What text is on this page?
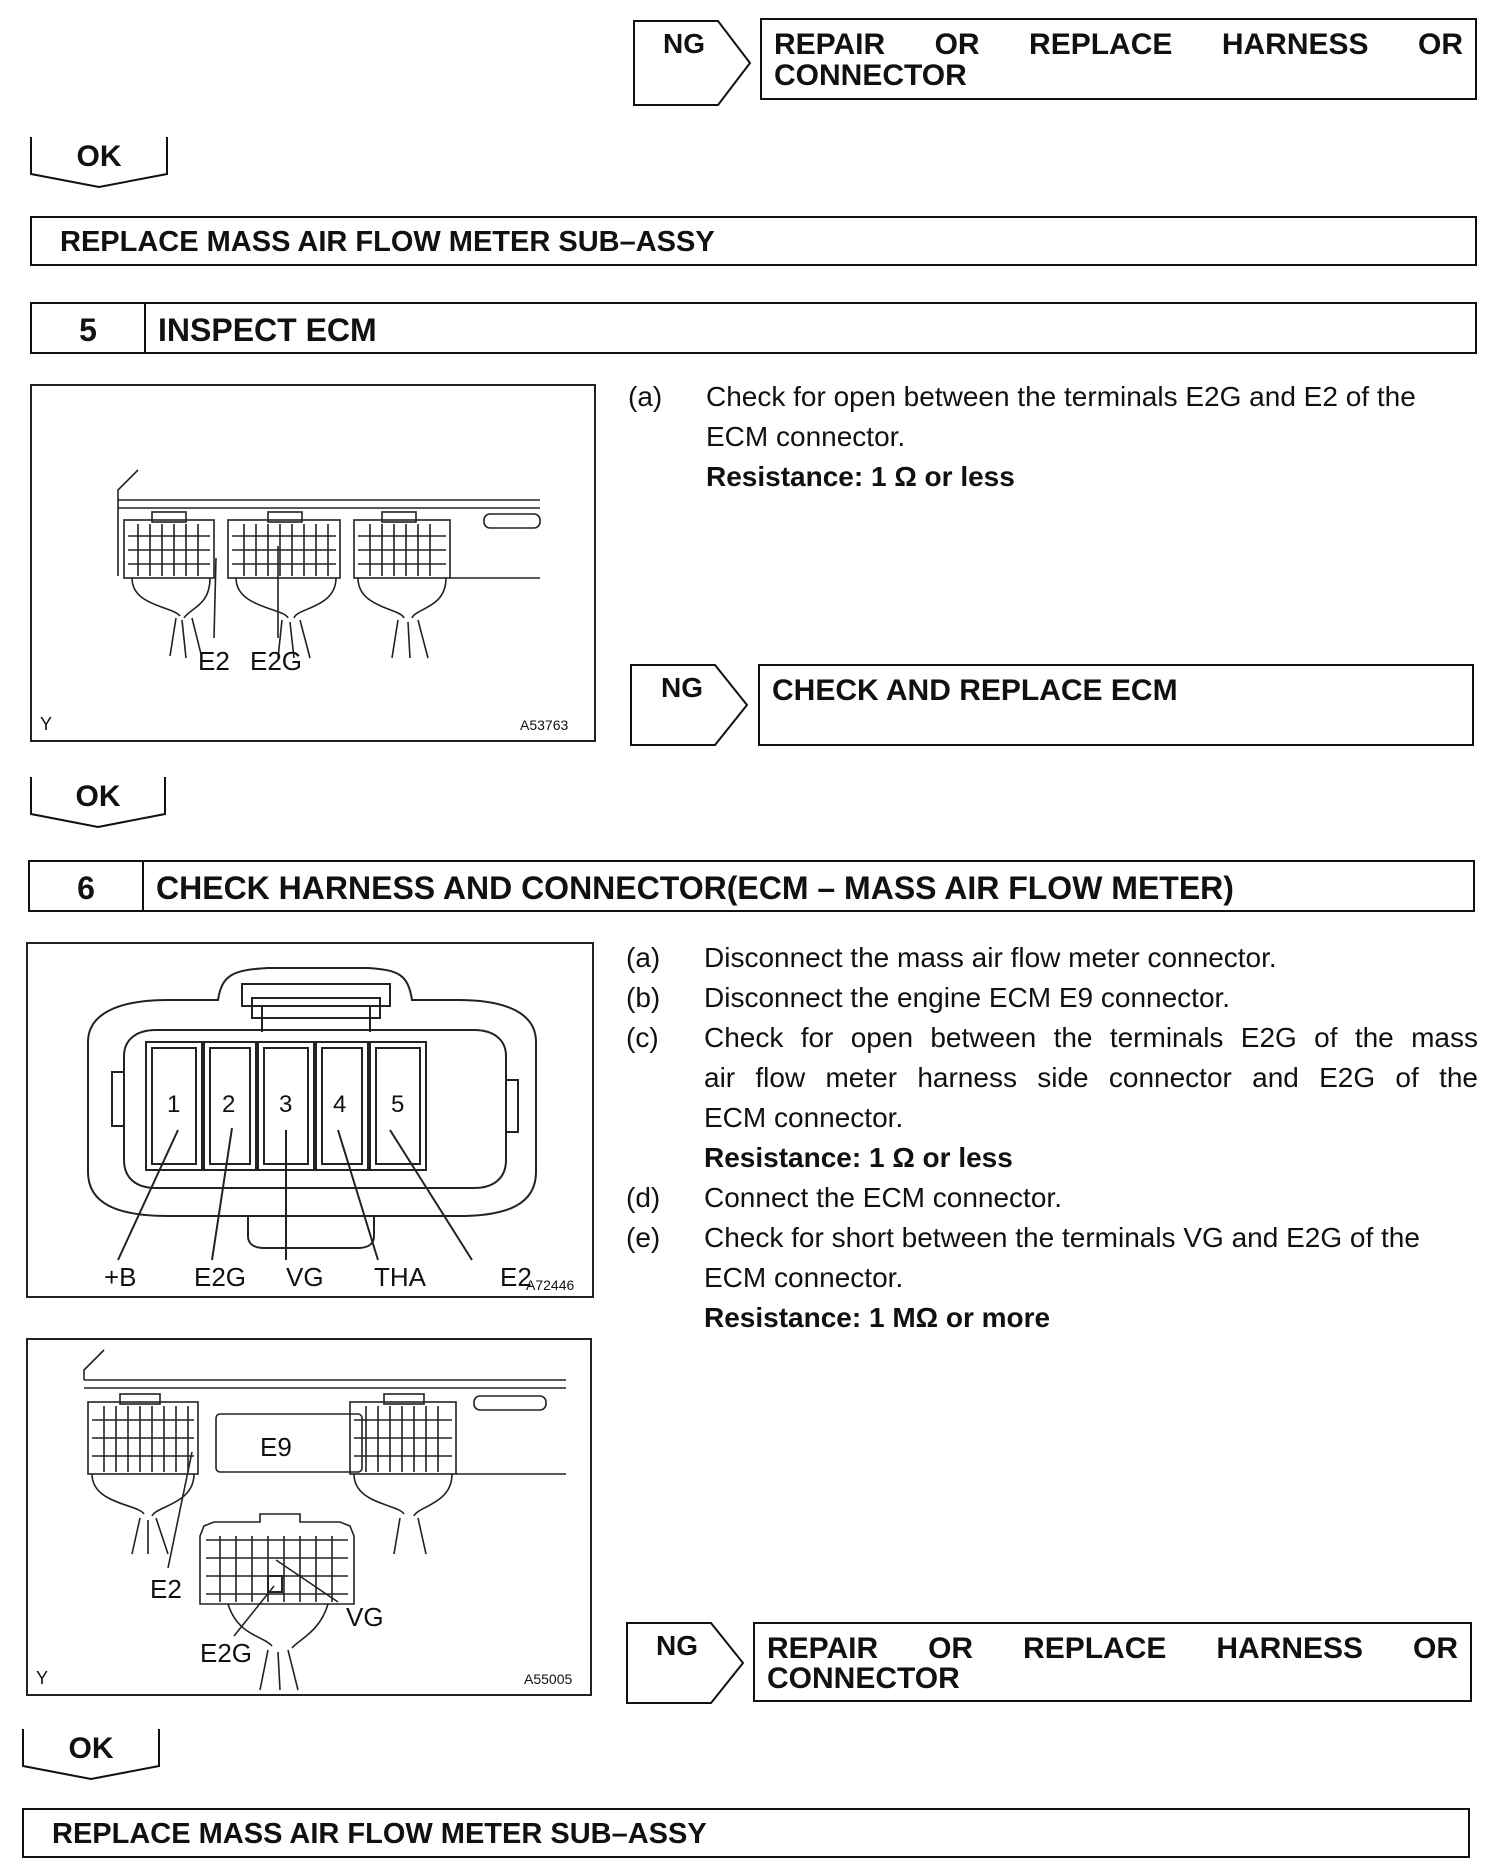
NG REPAIR OR REPLACE HARNESS OR
CONNECTOR
OK
REPLACE MASS AIR FLOW METER SUB–ASSY
5	INSPECT ECM
E2 E2G
Y	A53763
(a)	Check for open between the terminals E2G and E2 of the ECM connector.
Resistance: 1 Ω or less
NG CHECK AND REPLACE ECM
OK
6	CHECK HARNESS AND CONNECTOR(ECM – MASS AIR FLOW METER)
1 2 3 4 5
+B E2G VG THA	E2
A72446
E9
E2
VG
E2G
Y	A55005
(a)	Disconnect the mass air flow meter connector.
(b)	Disconnect the engine ECM E9 connector.
(c)	Check for open between the terminals E2G of the mass
air flow meter harness side connector and E2G of the
ECM connector.
Resistance: 1 Ω or less
(d)	Connect the ECM connector.
(e)	Check for short between the terminals VG and E2G of the
ECM connector.
Resistance: 1 MΩ or more
NG REPAIR OR REPLACE HARNESS OR
CONNECTOR
OK
REPLACE MASS AIR FLOW METER SUB–ASSY
